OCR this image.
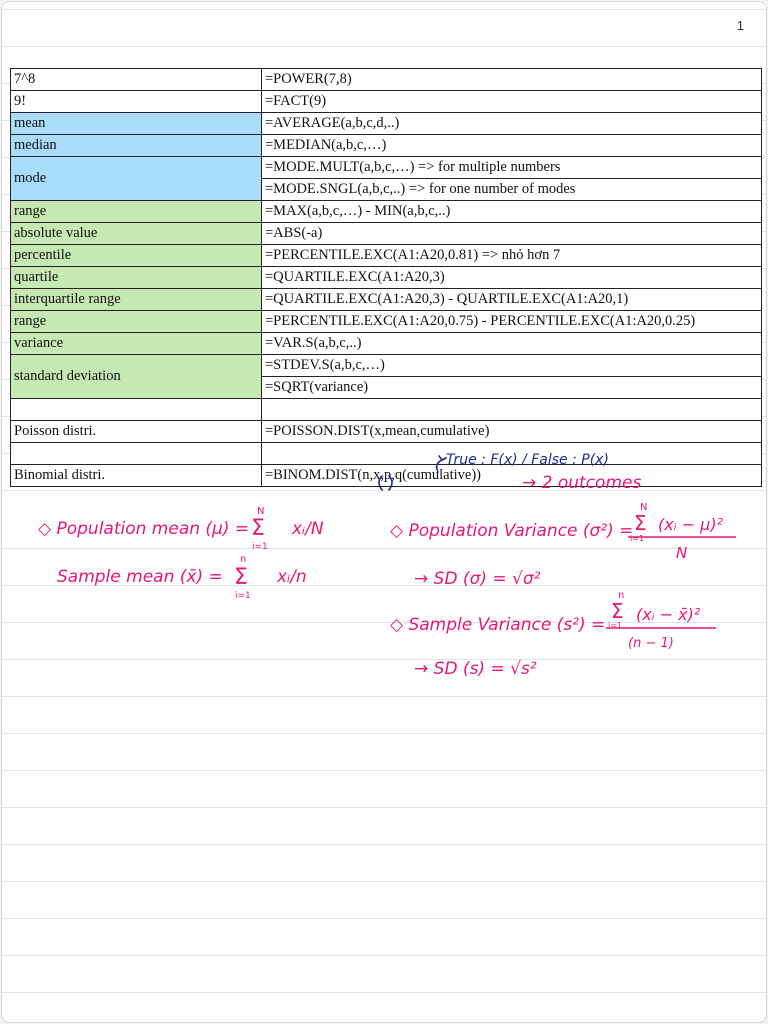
1
7^8	=POWER(7,8)
9!	=FACT(9)
mean	=AVERAGE(a,b,c,d,..)
median	=MEDIAN(a,b,c,…)
mode	=MODE.MULT(a,b,c,…) => for multiple numbers
	=MODE.SNGL(a,b,c,..) => for one number of modes
range	=MAX(a,b,c,…) - MIN(a,b,c,..)
absolute value	=ABS(-a)
percentile	=PERCENTILE.EXC(A1:A20,0.81) => nhỏ hơn 7
quartile	=QUARTILE.EXC(A1:A20,3)
interquartile range	=QUARTILE.EXC(A1:A20,3) - QUARTILE.EXC(A1:A20,1)
range	=PERCENTILE.EXC(A1:A20,0.75) - PERCENTILE.EXC(A1:A20,0.25)
variance	=VAR.S(a,b,c,..)
standard deviation	=STDEV.S(a,b,c,…)
	=SQRT(variance)

Poisson distri.	=POISSON.DIST(x,mean,cumulative)

Binomial distri.	=BINOM.DIST(n,x,p,q(cumulative))
True : F(x) / False : P(x)
→ 2 outcomes
◇ Population mean (μ) =
N
Σ
i=1
xᵢ/N
Sample mean (x̄) =
n
Σ
i=1
xᵢ/n
◇ Population Variance (σ²) =
N
Σ
i=1
(xᵢ − μ)²
N
→ SD (σ) = √σ²
◇ Sample Variance (s²) =
n
Σ
i=1
(xᵢ − x̄)²
(n − 1)
→ SD (s) = √s²
